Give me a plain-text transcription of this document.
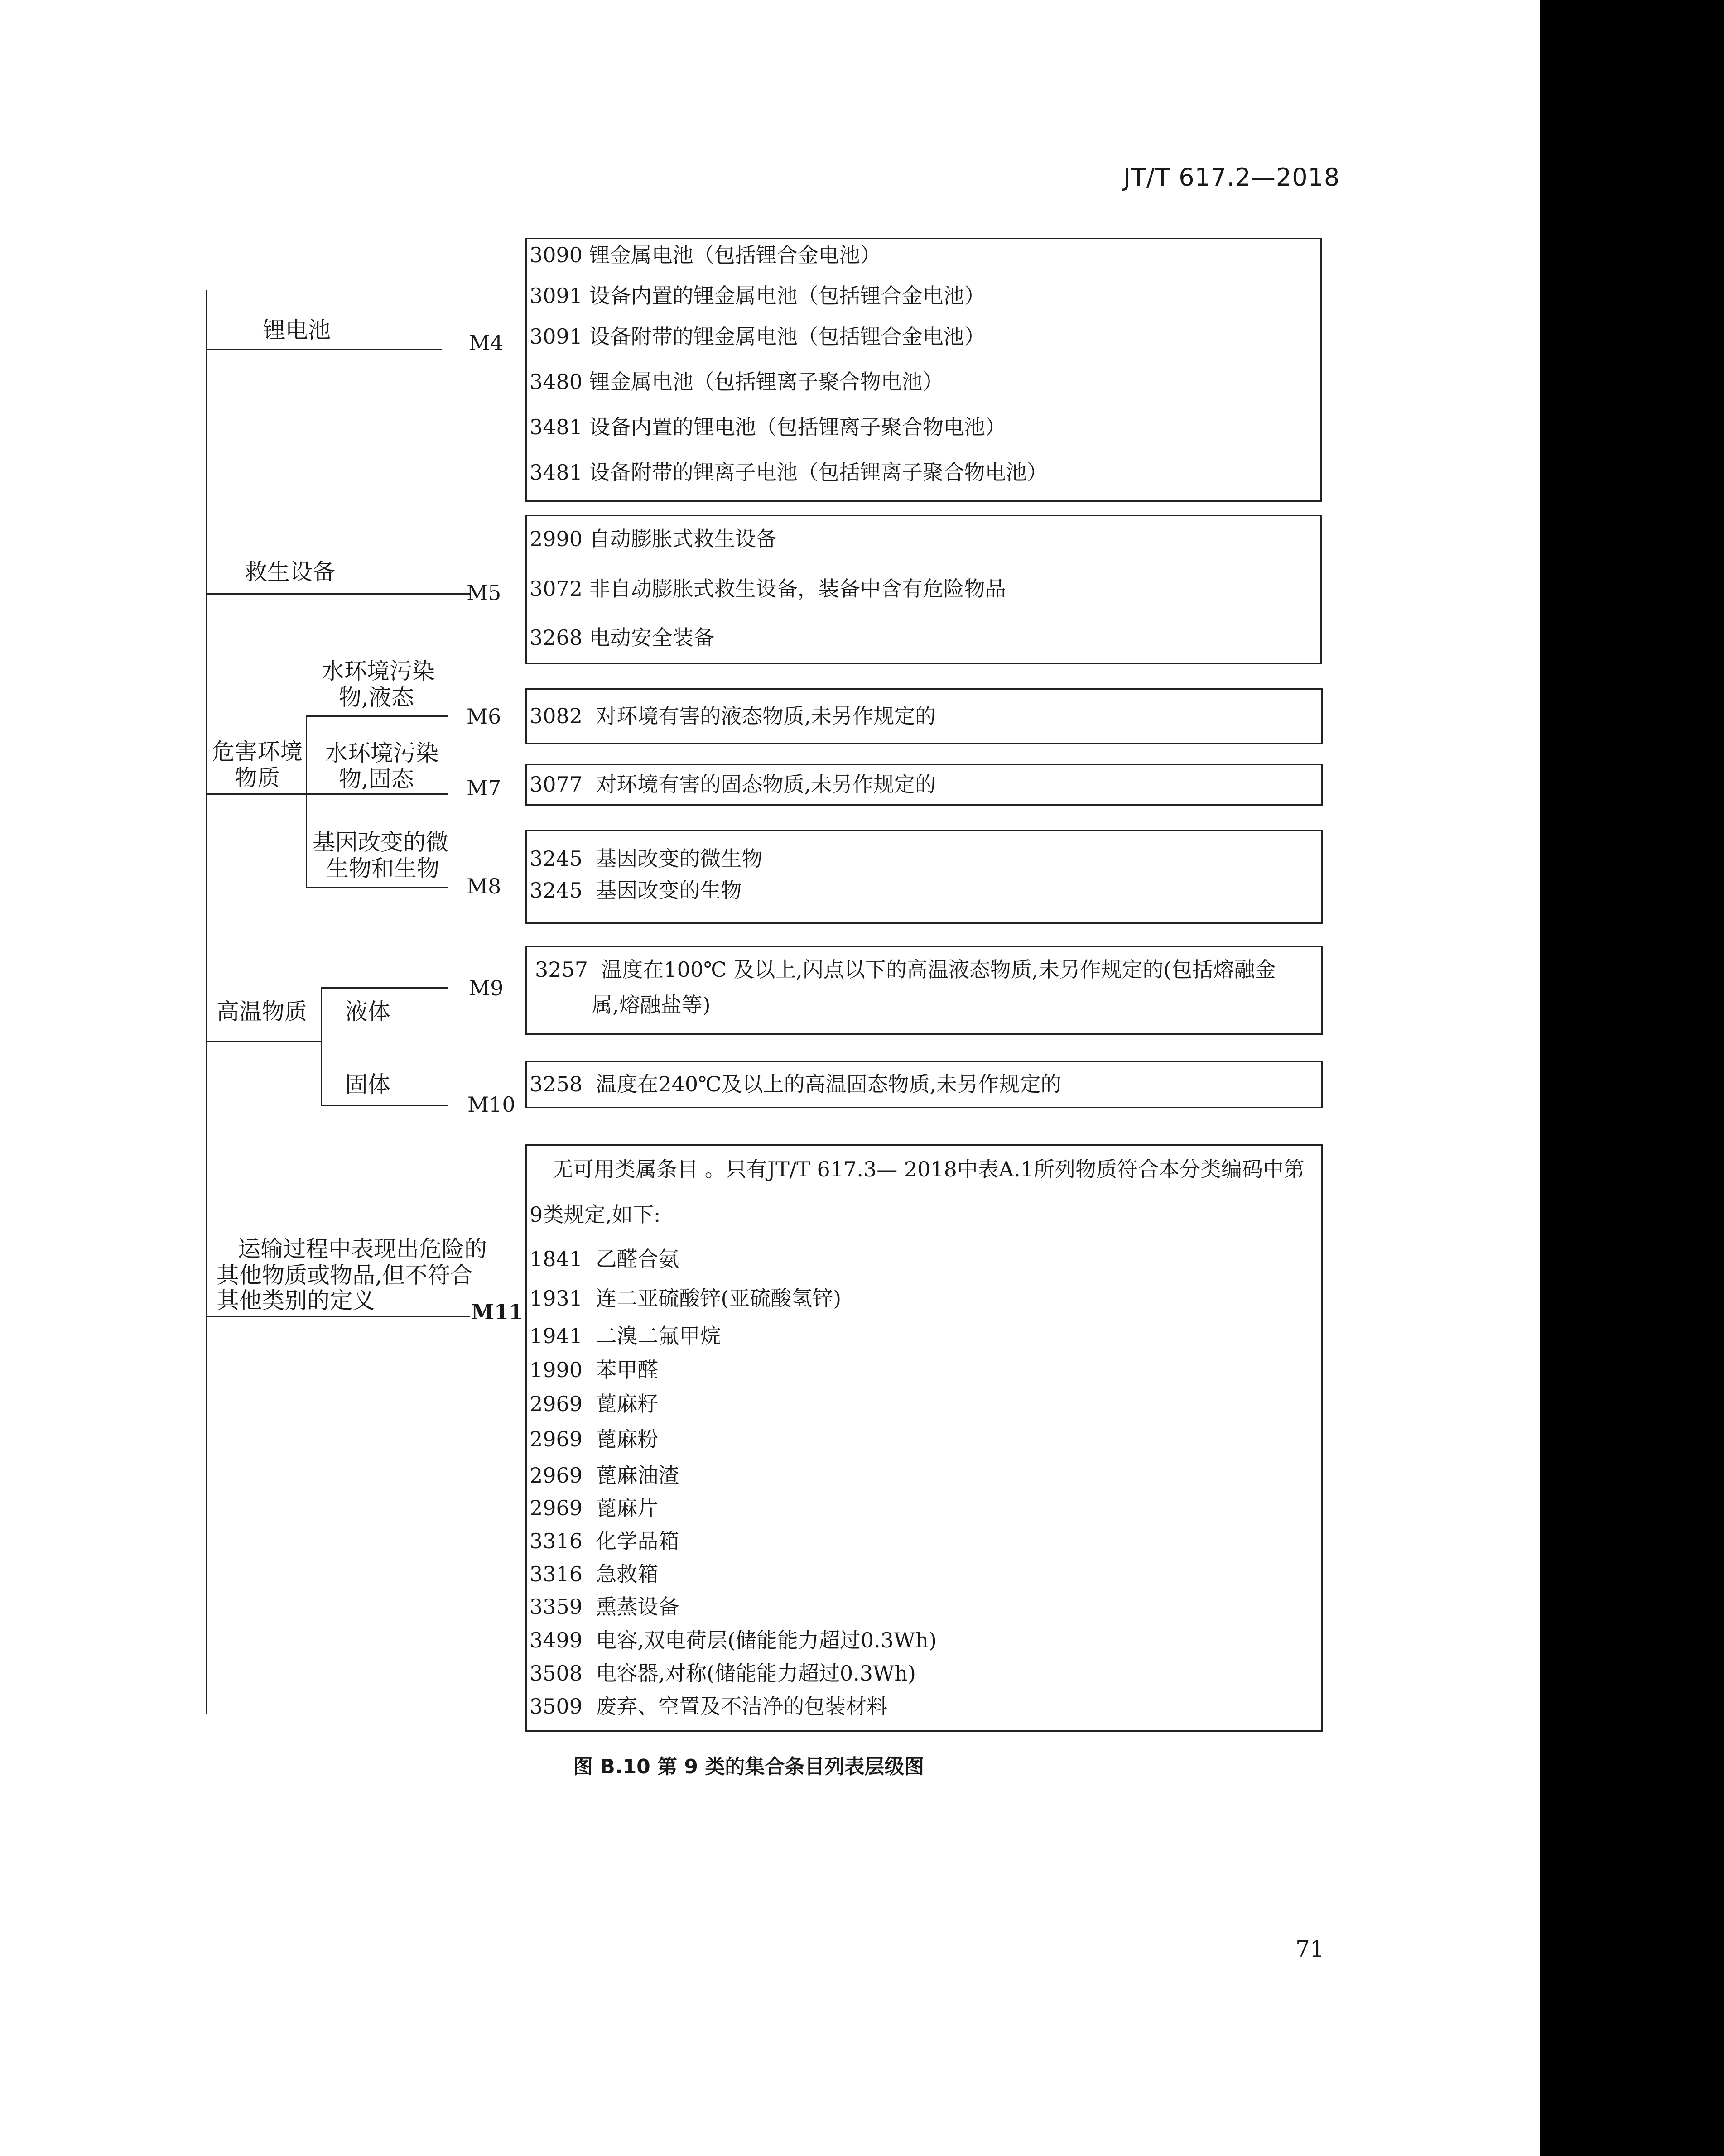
JT/T 617.2—2018
锂电池	M4
救生设备
M5
危害环境
物质
水环境污染
物,液态
M6
水环境污染
物,固态	M7
基因改变的微
生物和生物
M8
高温物质 液体
M9
固体
M10
运输过程中表现出危险的
其他物质或物品,但不符合
其他类别的定义	M11
3090 锂金属电池（包括锂合金电池）
3091 设备内置的锂金属电池（包括锂合金电池）
3091 设备附带的锂金属电池（包括锂合金电池）
3480 锂金属电池（包括锂离子聚合物电池）
3481 设备内置的锂电池（包括锂离子聚合物电池）
3481 设备附带的锂离子电池（包括锂离子聚合物电池）
2990 自动膨胀式救生设备
3072 非自动膨胀式救生设备，装备中含有危险物品
3268 电动安全装备
3082 对环境有害的液态物质,未另作规定的
3077 对环境有害的固态物质,未另作规定的
3245 基因改变的微生物
3245 基因改变的生物
3257 温度在100℃ 及以上,闪点以下的高温液态物质,未另作规定的(包括熔融金
属,熔融盐等)
3258 温度在240℃及以上的高温固态物质,未另作规定的
无可用类属条目 。只有JT/T 617.3— 2018中表A.1所列物质符合本分类编码中第9类规定,如下:
1841 乙醛合氨
1931 连二亚硫酸锌(亚硫酸氢锌)
1941 二溴二氟甲烷
1990 苯甲醛
2969 蓖麻籽
2969 蓖麻粉
2969 蓖麻油渣
2969 蓖麻片
3316 化学品箱
3316 急救箱
3359 熏蒸设备
3499 电容,双电荷层(储能能力超过0.3Wh)
3508 电容器,对称(储能能力超过0.3Wh)
3509 废弃、空置及不洁净的包装材料
图 B.10 第 9 类的集合条目列表层级图
71
